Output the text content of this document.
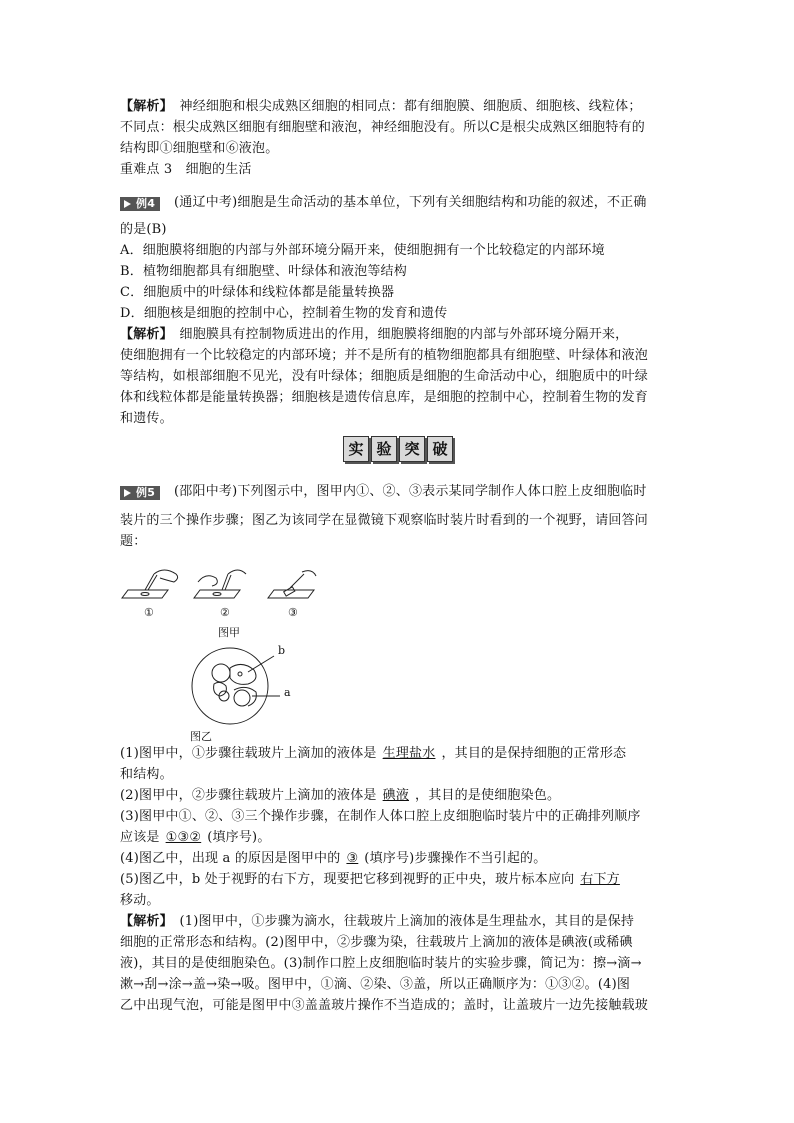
【解析】　 神经细胞和根尖成熟区细胞的相同点：都有细胞膜、细胞质、细胞核、线粒体；
不同点：根尖成熟区细胞有细胞壁和液泡，神经细胞没有。所以C是根尖成熟区细胞特有的
结构即①细胞壁和⑥液泡。
重难点 3　细胞的生活
例4 (通辽中考)细胞是生命活动的基本单位，下列有关细胞结构和功能的叙述，不正确
的是(B)
A．细胞膜将细胞的内部与外部环境分隔开来，使细胞拥有一个比较稳定的内部环境
B．植物细胞都具有细胞壁、叶绿体和液泡等结构
C．细胞质中的叶绿体和线粒体都是能量转换器
D．细胞核是细胞的控制中心，控制着生物的发育和遗传
【解析】　 细胞膜具有控制物质进出的作用，细胞膜将细胞的内部与外部环境分隔开来，
使细胞拥有一个比较稳定的内部环境；并不是所有的植物细胞都具有细胞壁、叶绿体和液泡
等结构，如根部细胞不见光，没有叶绿体；细胞质是细胞的生命活动中心，细胞质中的叶绿
体和线粒体都是能量转换器；细胞核是遗传信息库，是细胞的控制中心，控制着生物的发育
和遗传。
实 验 突 破
例5 (邵阳中考)下列图示中，图甲内①、②、③表示某同学制作人体口腔上皮细胞临时
装片的三个操作步骤；图乙为该同学在显微镜下观察临时装片时看到的一个视野，请回答问
题：
①	②	③
图甲
b
a
图乙
(1)图甲中，①步骤往载玻片上滴加的液体是 生理盐水 ，其目的是保持细胞的正常形态
和结构。
(2)图甲中，②步骤往载玻片上滴加的液体是 碘液 ，其目的是使细胞染色。
(3)图甲中①、②、③三个操作步骤，在制作人体口腔上皮细胞临时装片中的正确排列顺序
应该是 ①③② (填序号)。
(4)图乙中，出现 a 的原因是图甲中的 ③ (填序号)步骤操作不当引起的。
(5)图乙中，b 处于视野的右下方，现要把它移到视野的正中央，玻片标本应向 右下方
移动。
【解析】　 (1)图甲中，①步骤为滴水，往载玻片上滴加的液体是生理盐水，其目的是保持
细胞的正常形态和结构。(2)图甲中，②步骤为染，往载玻片上滴加的液体是碘液(或稀碘
液)，其目的是使细胞染色。(3)制作口腔上皮细胞临时装片的实验步骤，简记为：擦→滴→
漱→刮→涂→盖→染→吸。图甲中，①滴、②染、③盖，所以正确顺序为：①③②。(4)图
乙中出现气泡，可能是图甲中③盖盖玻片操作不当造成的；盖时，让盖玻片一边先接触载玻
